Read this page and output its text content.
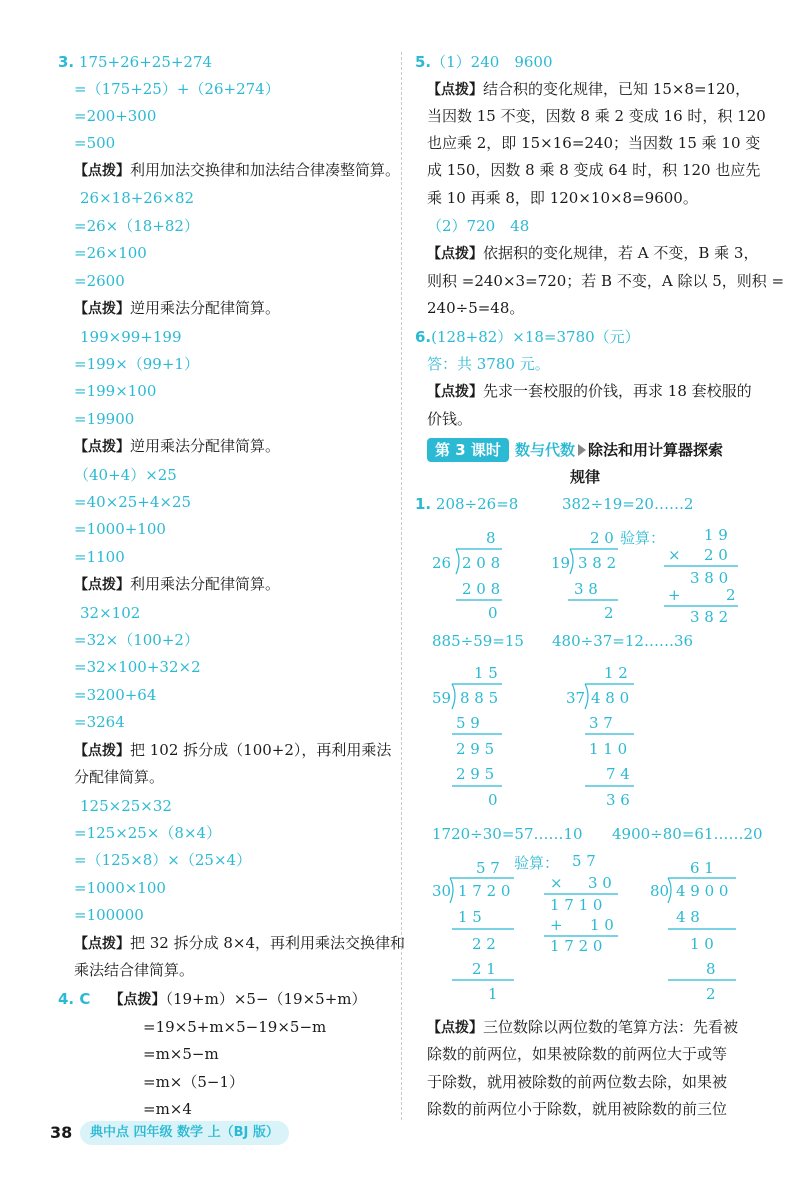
3. 175+26+25+274
=（175+25）+（26+274）
=200+300
=500
【点拨】利用加法交换律和加法结合律凑整简算。
26×18+26×82
=26×（18+82）
=26×100
=2600
【点拨】逆用乘法分配律简算。
199×99+199
=199×（99+1）
=199×100
=19900
【点拨】逆用乘法分配律简算。
（40+4）×25
=40×25+4×25
=1000+100
=1100
【点拨】利用乘法分配律简算。
32×102
=32×（100+2）
=32×100+32×2
=3200+64
=3264
【点拨】把 102 拆分成（100+2），再利用乘法
分配律简算。
125×25×32
=125×25×（8×4）
=（125×8）×（25×4）
=1000×100
=100000
【点拨】把 32 拆分成 8×4，再利用乘法交换律和
乘法结合律简算。
4. C 【点拨】（19+m）×5−（19×5+m）
=19×5+m×5−19×5−m
=m×5−m
=m×（5−1）
=m×4
5.（1）240　9600
【点拨】结合积的变化规律，已知 15×8=120，
当因数 15 不变，因数 8 乘 2 变成 16 时，积 120
也应乘 2，即 15×16=240；当因数 15 乘 10 变
成 150，因数 8 乘 8 变成 64 时，积 120 也应先
乘 10 再乘 8，即 120×10×8=9600。
（2）720　48
【点拨】依据积的变化规律，若 A 不变，B 乘 3，
则积 =240×3=720；若 B 不变，A 除以 5，则积 =
240÷5=48。
6.(128+82）×18=3780（元）
答：共 3780 元。
【点拨】先求一套校服的价钱，再求 18 套校服的
价钱。
第 3 课时 数与代数 除法和用计算器探索
规律
1. 208÷26=8	382÷19=20……2
885÷59=15 480÷37=12……36
1720÷30=57……10 4900÷80=61……20
8
26 2 0 8
2 0 8
0
2 0 验算：
19 3 8 2
3 8
2
1 9
× 2 0
3 8 0
+	2
3 8 2
1 5
59 8 8 5
5 9
2 9 5
2 9 5
0
1 2
37 4 8 0
3 7
1 1 0
7 4
3 6
5 7 验算：
30 1 7 2 0
1 5
2 2
2 1
1
5 7
× 3 0
1 7 1 0
+ 1 0
1 7 2 0
6 1
80 4 9 0 0
4 8
1 0
8
2
【点拨】三位数除以两位数的笔算方法：先看被
除数的前两位，如果被除数的前两位大于或等
于除数，就用被除数的前两位数去除，如果被
除数的前两位小于除数，就用被除数的前三位
38	典中点 四年级 数学 上（BJ 版）
